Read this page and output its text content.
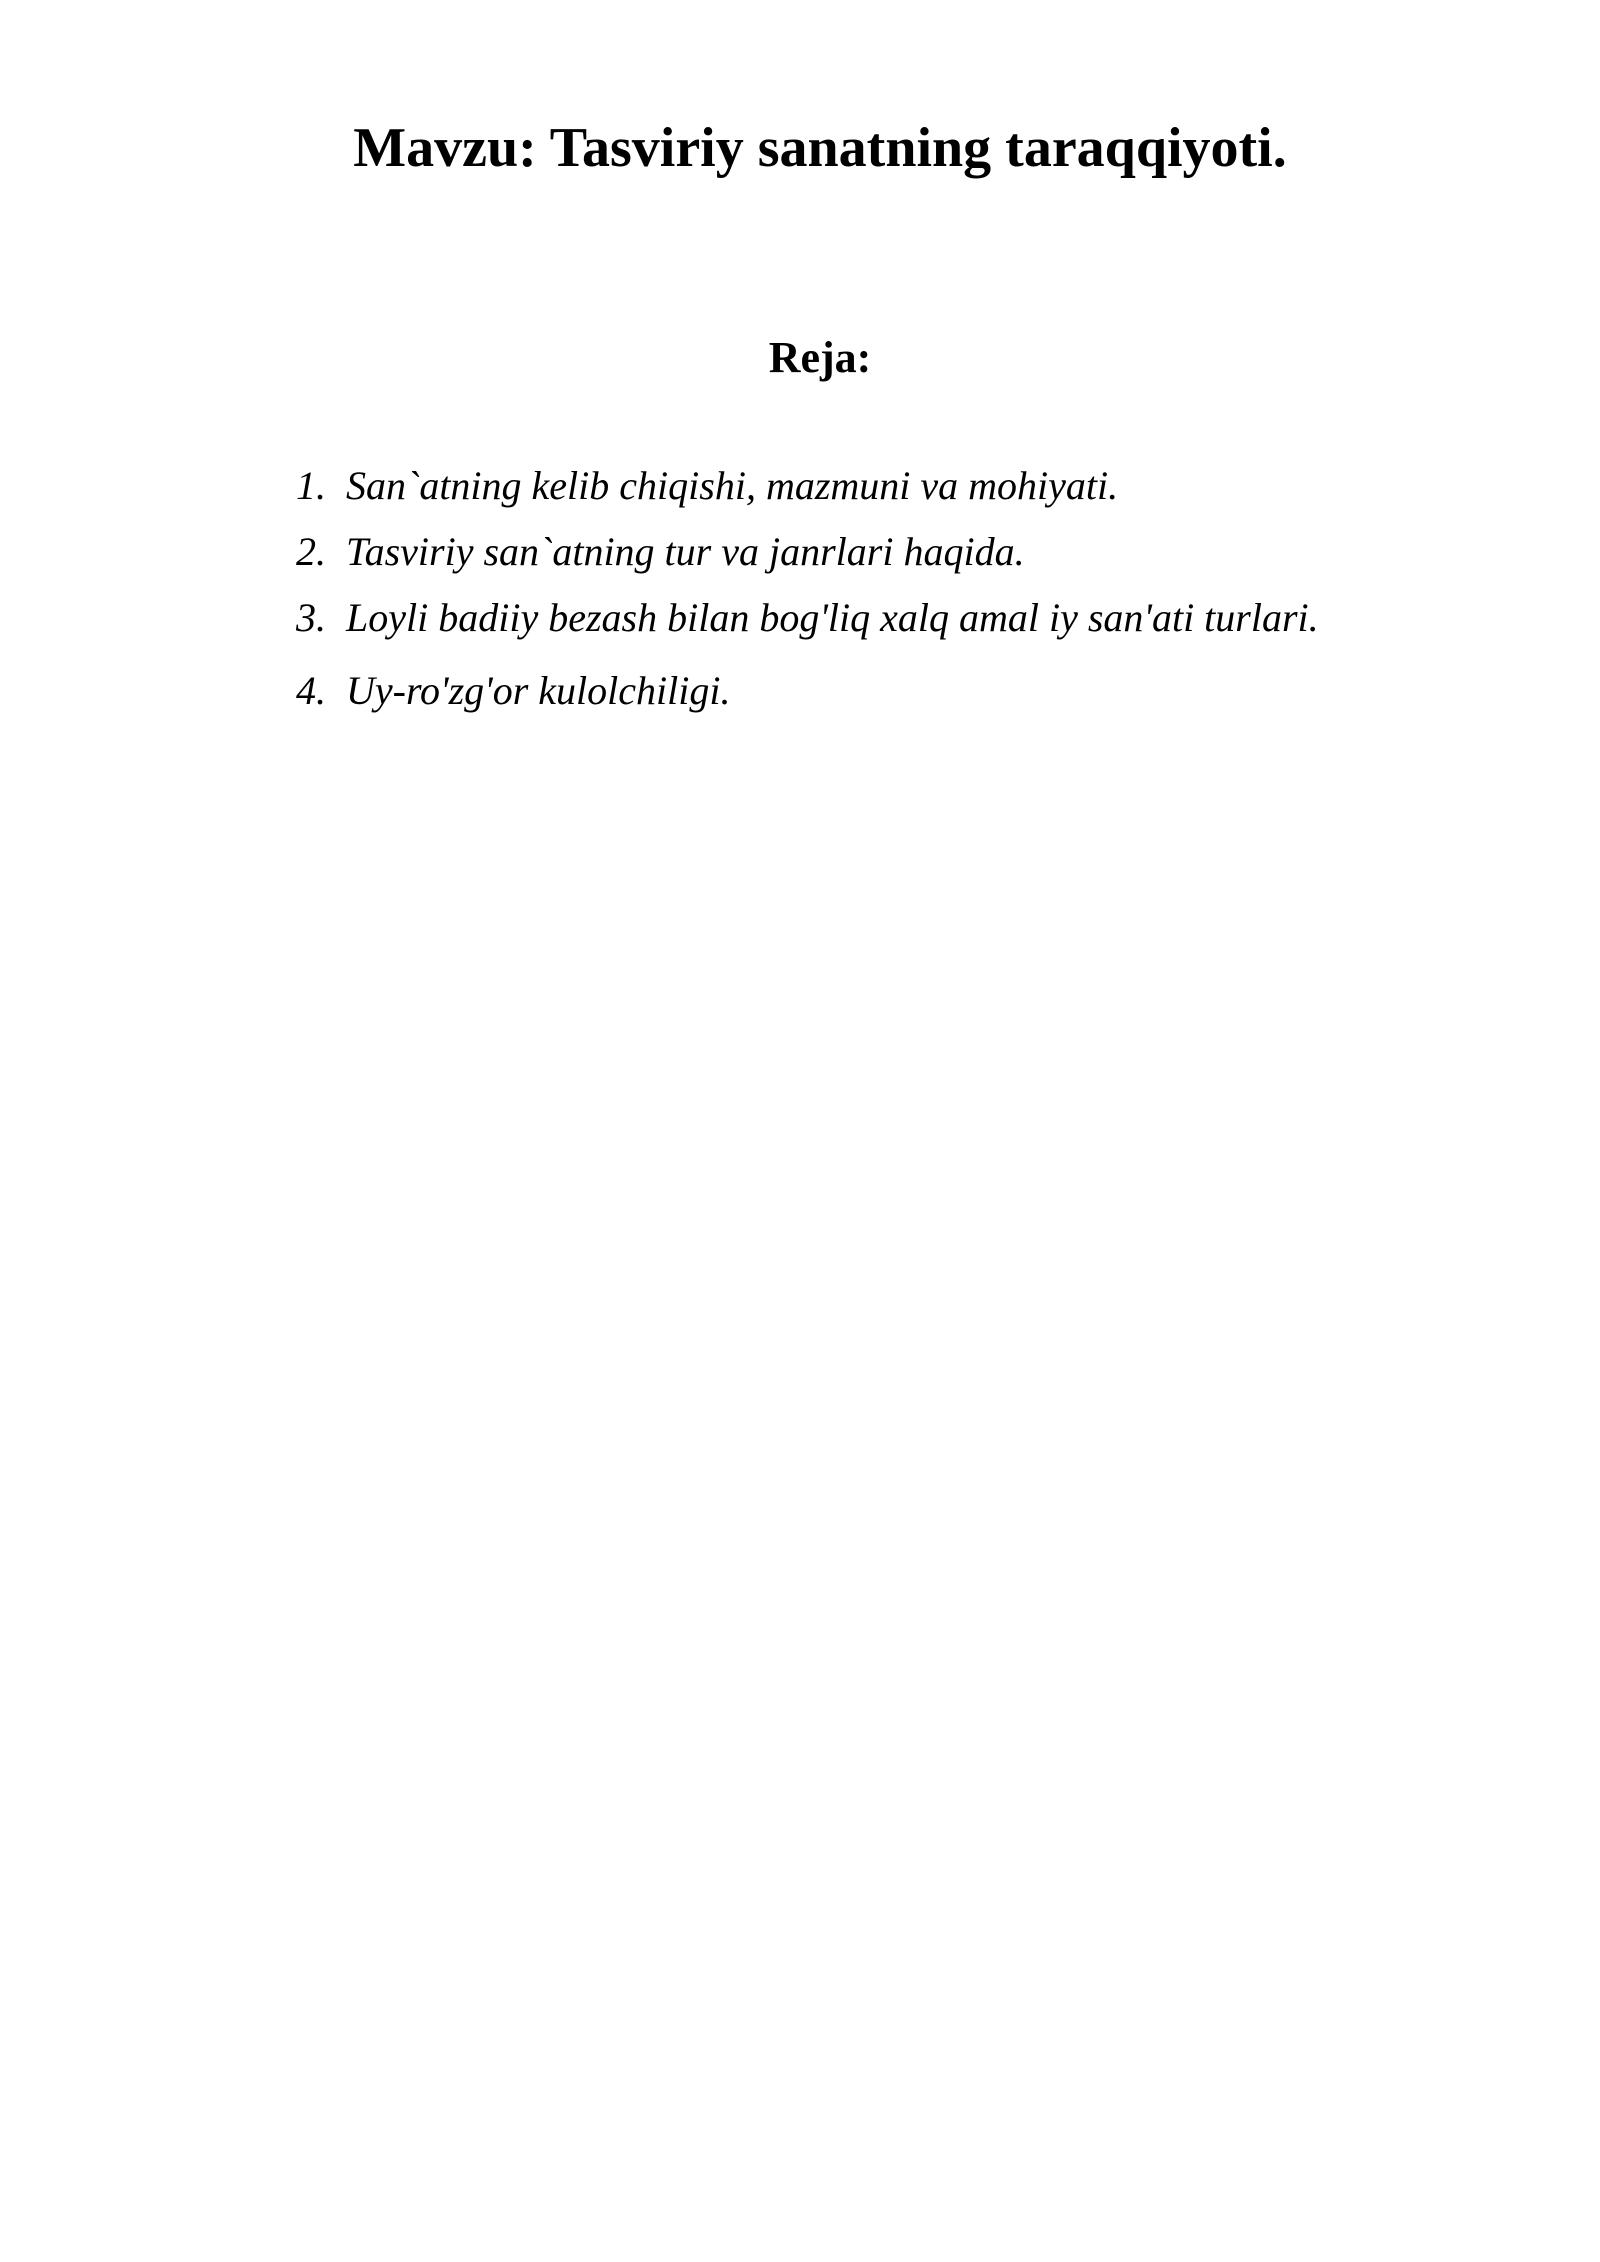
Mavzu: Tasviriy sanatning taraqqiyoti.
Reja:
1. San`atning kelib chiqishi, mazmuni va mohiyati.
2. Tasviriy san`atning tur va janrlari haqida.
3. Loyli badiiy bezash bilan bog'liq xalq amal iy san'ati turlari.
4. Uy-ro'zg'or kulolchiligi.
